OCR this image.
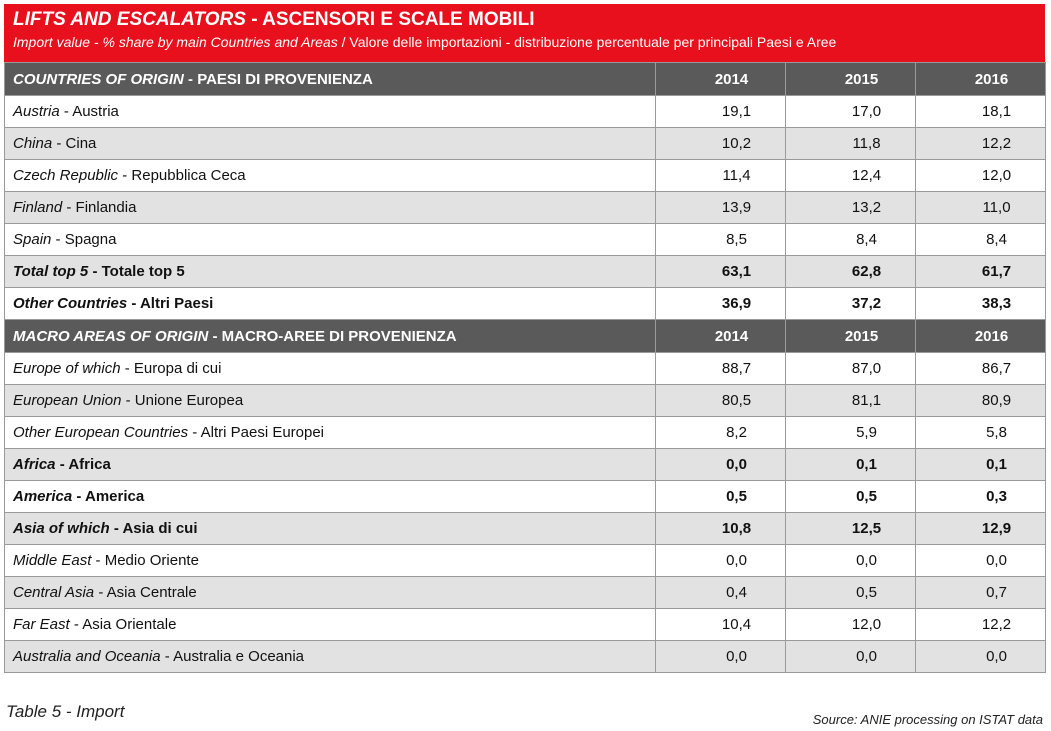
LIFTS AND ESCALATORS - ASCENSORI E SCALE MOBILI
Import value - % share by main Countries and Areas / Valore delle importazioni - distribuzione percentuale per principali Paesi e Aree
COUNTRIES OF ORIGIN - PAESI DI PROVENIENZA	2014	2015	2016
Austria - Austria	19,1	17,0	18,1
China - Cina	10,2	11,8	12,2
Czech Republic - Repubblica Ceca	11,4	12,4	12,0
Finland - Finlandia	13,9	13,2	11,0
Spain - Spagna	8,5	8,4	8,4
Total top 5 - Totale top 5	63,1	62,8	61,7
Other Countries - Altri Paesi	36,9	37,2	38,3
MACRO AREAS OF ORIGIN - MACRO-AREE DI PROVENIENZA	2014	2015	2016
Europe of which - Europa di cui	88,7	87,0	86,7
European Union - Unione Europea	80,5	81,1	80,9
Other European Countries - Altri Paesi Europei	8,2	5,9	5,8
Africa - Africa	0,0	0,1	0,1
America - America	0,5	0,5	0,3
Asia of which - Asia di cui	10,8	12,5	12,9
Middle East - Medio Oriente	0,0	0,0	0,0
Central Asia - Asia Centrale	0,4	0,5	0,7
Far East - Asia Orientale	10,4	12,0	12,2
Australia and Oceania - Australia e Oceania	0,0	0,0	0,0
Table 5 - Import	Source: ANIE processing on ISTAT data
